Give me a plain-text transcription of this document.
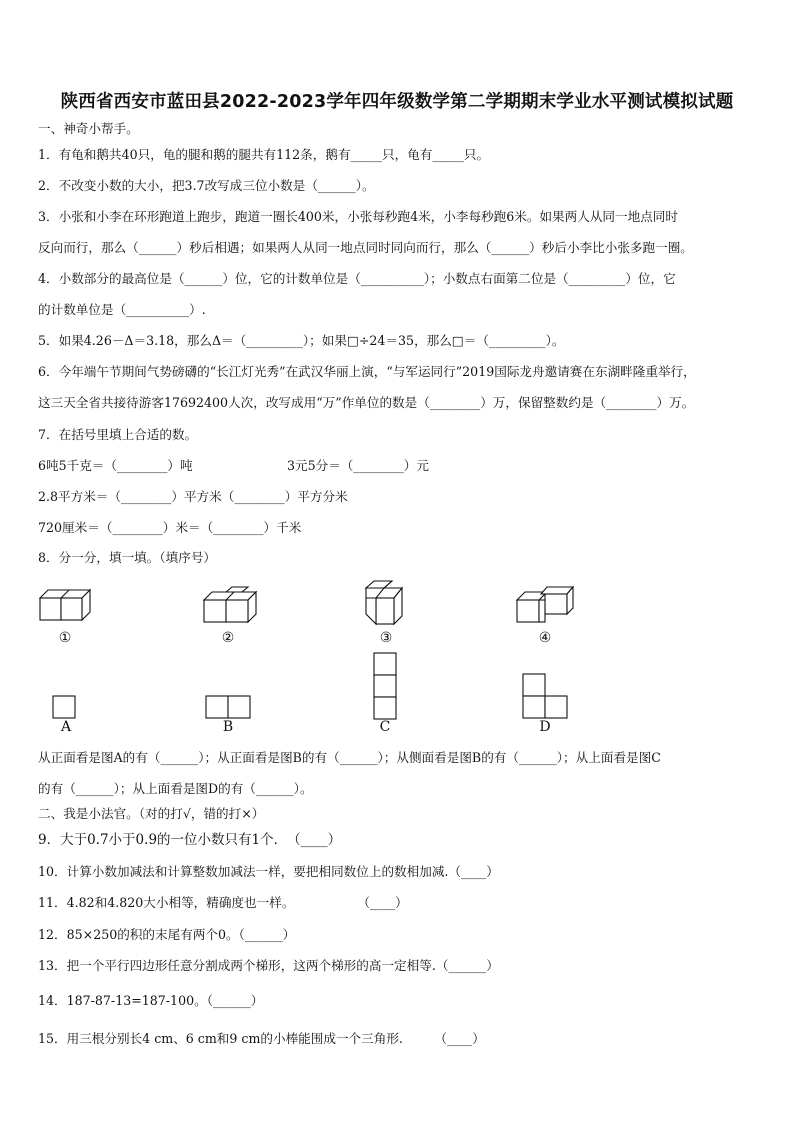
陕西省西安市蓝田县2022-2023学年四年级数学第二学期期末学业水平测试模拟试题
一、神奇小帮手。
1．有龟和鹅共40只，龟的腿和鹅的腿共有112条，鹅有_____只，龟有_____只。
2．不改变小数的大小，把3.7改写成三位小数是（______）。
3．小张和小李在环形跑道上跑步，跑道一圈长400米，小张每秒跑4米，小李每秒跑6米。如果两人从同一地点同时
反向而行，那么（______）秒后相遇；如果两人从同一地点同时同向而行，那么（______）秒后小李比小张多跑一圈。
4．小数部分的最高位是（______）位，它的计数单位是（__________）；小数点右面第二位是（_________）位，它
的计数单位是（__________）.
5．如果4.26－Δ＝3.18，那么Δ＝（_________）；如果□÷24＝35，那么□＝（_________）。
6．今年端午节期间气势磅礴的“长江灯光秀”在武汉华丽上演，“与军运同行”2019国际龙舟邀请赛在东湖畔隆重举行，
这三天全省共接待游客17692400人次，改写成用“万”作单位的数是（________）万，保留整数约是（________）万。
7．在括号里填上合适的数。
6吨5千克＝（________）吨	3元5分＝（________）元
2.8平方米＝（________）平方米（________）平方分米
720厘米＝（________）米＝（________）千米
8．分一分，填一填。（填序号）
①	②	③	④
A	B	C	D
从正面看是图A的有（______）；从正面看是图B的有（______）；从侧面看是图B的有（______）；从上面看是图C
的有（______）；从上面看是图D的有（______）。
二、我是小法官。（对的打√，错的打×）
9．大于0.7小于0.9的一位小数只有1个．　（____）
10．计算小数加减法和计算整数加减法一样，要把相同数位上的数相加减.（____）
11．4.82和4.820大小相等，精确度也一样。　　　　　　（____）
12．85×250的积的末尾有两个0。（______）
13．把一个平行四边形任意分割成两个梯形，这两个梯形的高一定相等.（______）
14．187-87-13=187-100。（______）
15．用三根分别长4 cm、6 cm和9 cm的小棒能围成一个三角形.　　　（____）
